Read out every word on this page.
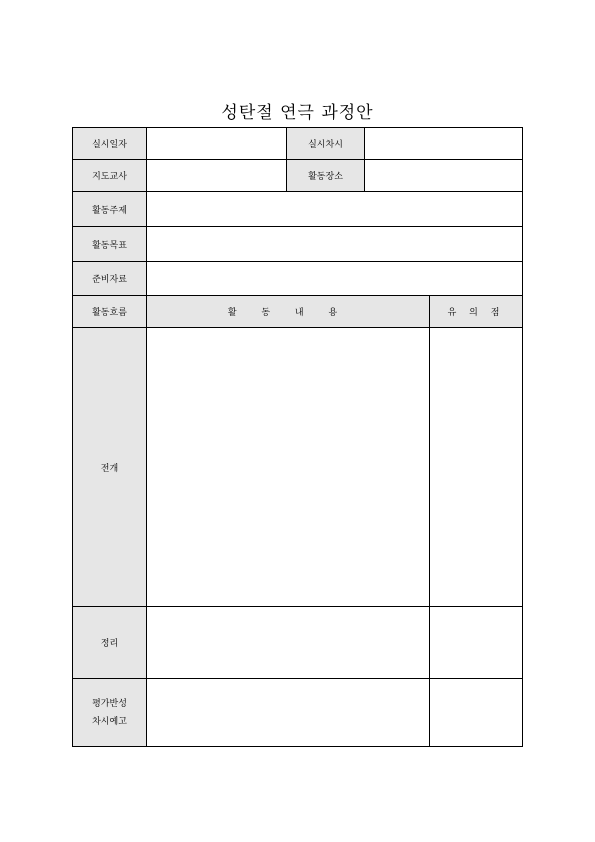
성탄절 연극 과정안
실시일자		실시차시		
지도교사		활동장소		
활동주제				
활동목표				
준비자료				
활동흐름	활 동 내 용			유 의 점
전개				
정리				

평가반성
차시예고				
